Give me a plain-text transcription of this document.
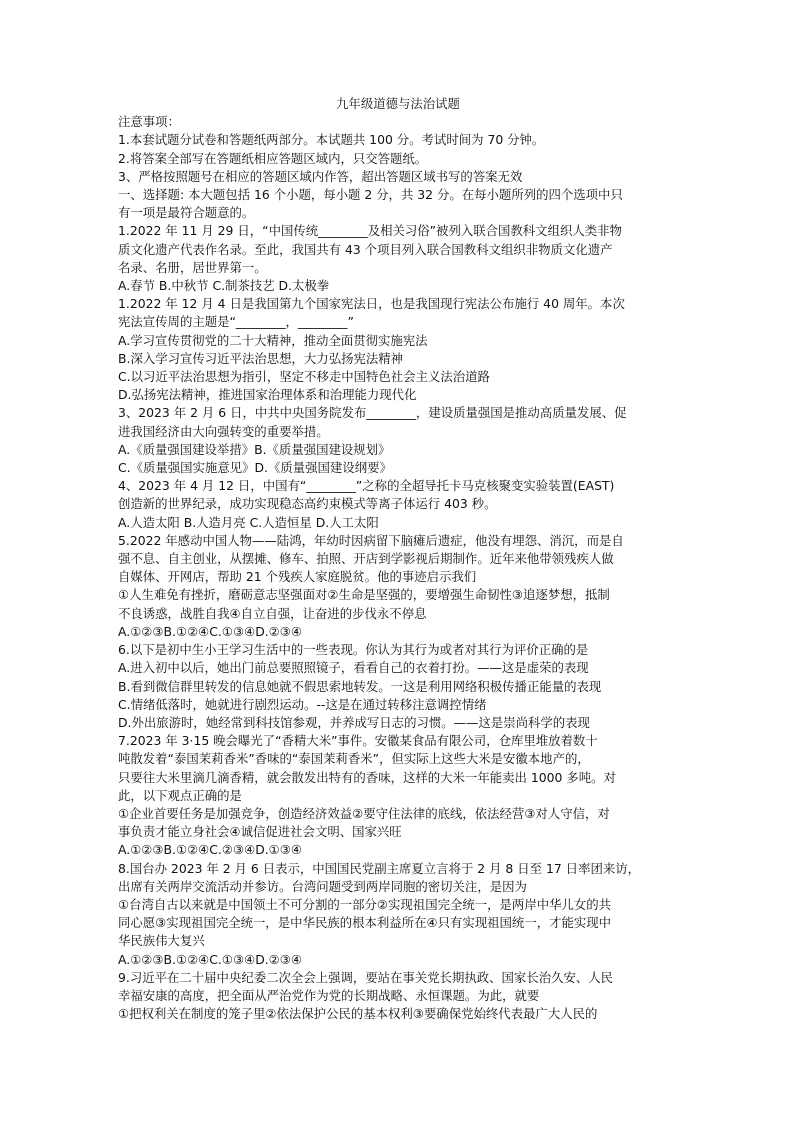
九年级道德与法治试题

注意事项：

1.本套试题分试卷和答题纸两部分。本试题共 100 分。考试时间为 70 分钟。

2.将答案全部写在答题纸相应答题区域内，只交答题纸。

3、严格按照题号在相应的答题区域内作答，超出答题区域书写的答案无效

一、选择题: 本大题包括 16 个小题，每小题 2 分，共 32 分。在每小题所列的四个选项中只

有一项是最符合题意的。

1.2022 年 11 月 29 日，“中国传统________及相关习俗”被列入联合国教科文组织人类非物

质文化遗产代表作名录。至此，我国共有 43 个项目列入联合国教科文组织非物质文化遗产

名录、名册，居世界第一。

A.春节 B.中秋节 C.制茶技艺 D.太极拳

1.2022 年 12 月 4 日是我国第九个国家宪法日，也是我国现行宪法公布施行 40 周年。本次

宪法宣传周的主题是“________，________”

A.学习宣传贯彻党的二十大精神，推动全面贯彻实施宪法

B.深入学习宣传习近平法治思想，大力弘扬宪法精神

C.以习近平法治思想为指引，坚定不移走中国特色社会主义法治道路

D.弘扬宪法精神，推进国家治理体系和治理能力现代化

3、2023 年 2 月 6 日，中共中央国务院发布________，建设质量强国是推动高质量发展、促

进我国经济由大向强转变的重要举措。

A.《质量强国建设举措》B.《质量强国建设规划》

C.《质量强国实施意见》D.《质量强国建设纲要》

4、2023 年 4 月 12 日，中国有“________”之称的全超导托卡马克核聚变实验装置(EAST)

创造新的世界纪录，成功实现稳态高约束模式等离子体运行 403 秒。

A.人造太阳 B.人造月亮 C.人造恒星 D.人工太阳

5.2022 年感动中国人物——陆鸿，年幼时因病留下脑瘫后遗症，他没有埋怨、消沉，而是自

强不息、自主创业，从摆摊、修车、拍照、开店到学影视后期制作。近年来他带领残疾人做

自媒体、开网店，帮助 21 个残疾人家庭脱贫。他的事迹启示我们

①人生难免有挫折，磨砺意志坚强面对②生命是坚强的，要增强生命韧性③追逐梦想，抵制

不良诱惑，战胜自我④自立自强，让奋进的步伐永不停息

A.①②③B.①②④C.①③④D.②③④

6.以下是初中生小王学习生活中的一些表现。你认为其行为或者对其行为评价正确的是

A.进入初中以后，她出门前总要照照镜子，看看自己的衣着打扮。——这是虚荣的表现

B.看到微信群里转发的信息她就不假思索地转发。一这是利用网络积极传播正能量的表现

C.情绪低落时，她就进行剧烈运动。--这是在通过转移注意调控情绪

D.外出旅游时，她经常到科技馆参观，并养成写日志的习惯。——这是崇尚科学的表现

7.2023 年 3·15 晚会曝光了“香精大米”事件。安徽某食品有限公司，仓库里堆放着数十

吨散发着“泰国茉莉香米”香味的“泰国茉莉香米”，但实际上这些大米是安徽本地产的，

只要往大米里滴几滴香精，就会散发出特有的香味，这样的大米一年能卖出 1000 多吨。对

此，以下观点正确的是

①企业首要任务是加强竞争，创造经济效益②要守住法律的底线，依法经营③对人守信，对

事负责才能立身社会④诚信促进社会文明、国家兴旺

A.①②③B.①②④C.②③④D.①③④

8.国台办 2023 年 2 月 6 日表示，中国国民党副主席夏立言将于 2 月 8 日至 17 日率团来访，

出席有关两岸交流活动并参访。台湾问题受到两岸同胞的密切关注，是因为

①台湾自古以来就是中国领土不可分割的一部分②实现祖国完全统一，是两岸中华儿女的共

同心愿③实现祖国完全统一，是中华民族的根本利益所在④只有实现祖国统一，才能实现中

华民族伟大复兴

A.①②③B.①②④C.①③④D.②③④

9.习近平在二十届中央纪委二次全会上强调，要站在事关党长期执政、国家长治久安、人民

幸福安康的高度，把全面从严治党作为党的长期战略、永恒课题。为此，就要

①把权利关在制度的笼子里②依法保护公民的基本权利③要确保党始终代表最广大人民的
